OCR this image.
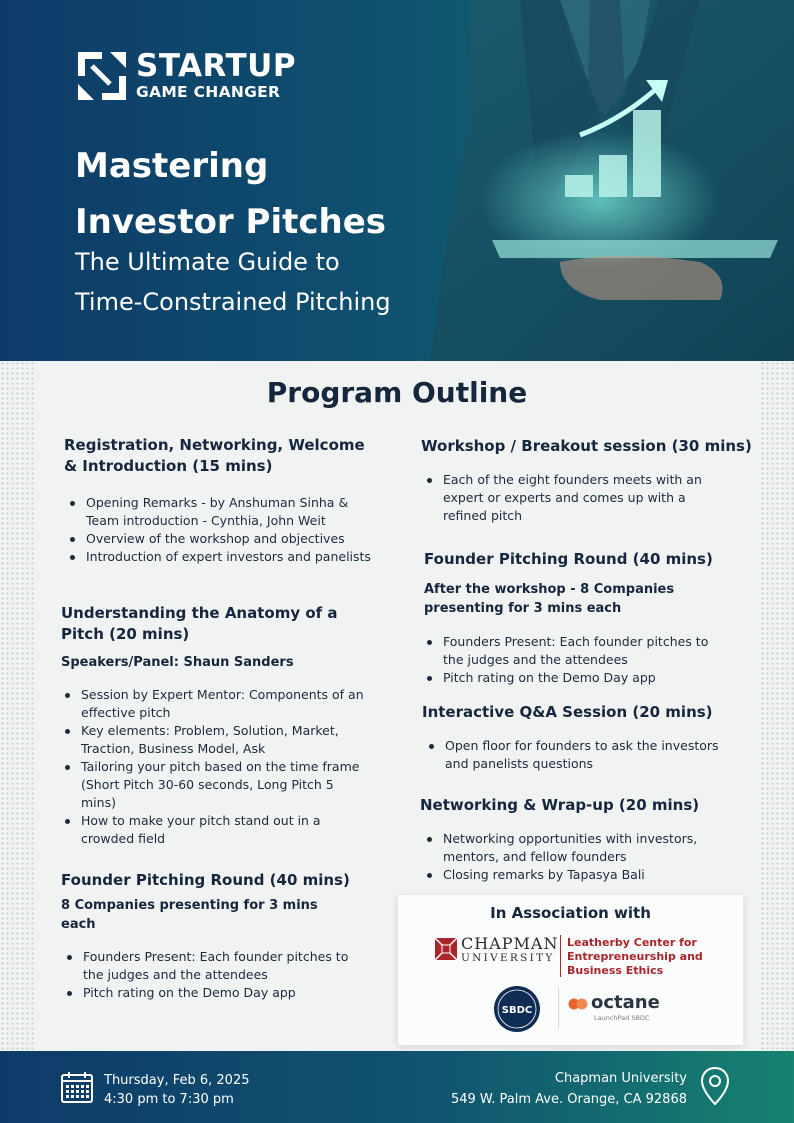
STARTUP
GAME CHANGER
Mastering
Investor Pitches
The Ultimate Guide to
Time-Constrained Pitching
Program Outline
Registration, Networking, Welcome & Introduction (15 mins)
Opening Remarks - by Anshuman Sinha & Team introduction - Cynthia, John Weit
Overview of the workshop and objectives
Introduction of expert investors and panelists
Understanding the Anatomy of a Pitch (20 mins)
Speakers/Panel: Shaun Sanders
Session by Expert Mentor: Components of an effective pitch
Key elements: Problem, Solution, Market, Traction, Business Model, Ask
Tailoring your pitch based on the time frame (Short Pitch 30-60 seconds, Long Pitch 5 mins)
How to make your pitch stand out in a crowded field
Founder Pitching Round (40 mins)
8 Companies presenting for 3 mins each
Founders Present: Each founder pitches to the judges and the attendees
Pitch rating on the Demo Day app
Workshop / Breakout session (30 mins)
Each of the eight founders meets with an expert or experts and comes up with a refined pitch
Founder Pitching Round (40 mins)
After the workshop - 8 Companies presenting for 3 mins each
Founders Present: Each founder pitches to the judges and the attendees
Pitch rating on the Demo Day app
Interactive Q&A Session (20 mins)
Open floor for founders to ask the investors and panelists questions
Networking & Wrap-up (20 mins)
Networking opportunities with investors, mentors, and fellow founders
Closing remarks by Tapasya Bali
In Association with
CHAPMAN
UNIVERSITY
Leatherby Center for Entrepreneurship and Business Ethics
SBDC	octane
LaunchPad SBDC
Thursday, Feb 6, 2025
4:30 pm to 7:30 pm
Chapman University
549 W. Palm Ave. Orange, CA 92868
